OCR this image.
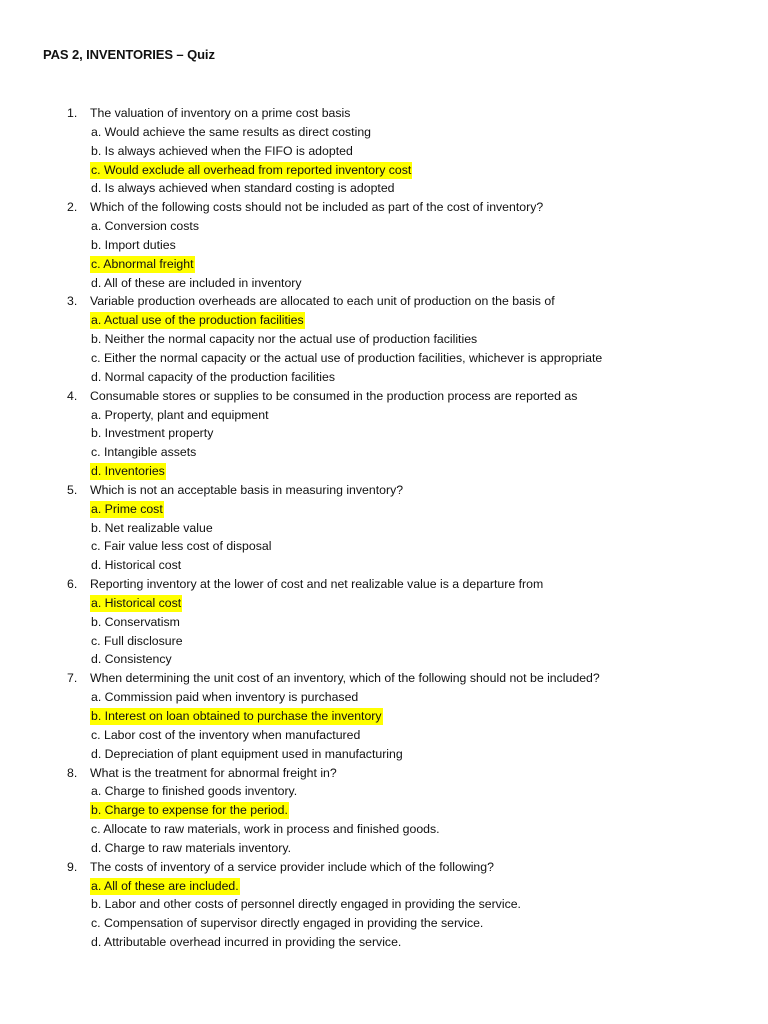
PAS 2, INVENTORIES – Quiz
1. The valuation of inventory on a prime cost basis
a. Would achieve the same results as direct costing
b. Is always achieved when the FIFO is adopted
c. Would exclude all overhead from reported inventory cost
d. Is always achieved when standard costing is adopted
2. Which of the following costs should not be included as part of the cost of inventory?
a. Conversion costs
b. Import duties
c. Abnormal freight
d. All of these are included in inventory
3. Variable production overheads are allocated to each unit of production on the basis of
a. Actual use of the production facilities
b. Neither the normal capacity nor the actual use of production facilities
c. Either the normal capacity or the actual use of production facilities, whichever is appropriate
d. Normal capacity of the production facilities
4. Consumable stores or supplies to be consumed in the production process are reported as
a. Property, plant and equipment
b. Investment property
c. Intangible assets
d. Inventories
5. Which is not an acceptable basis in measuring inventory?
a. Prime cost
b. Net realizable value
c. Fair value less cost of disposal
d. Historical cost
6. Reporting inventory at the lower of cost and net realizable value is a departure from
a. Historical cost
b. Conservatism
c. Full disclosure
d. Consistency
7. When determining the unit cost of an inventory, which of the following should not be included?
a. Commission paid when inventory is purchased
b. Interest on loan obtained to purchase the inventory
c. Labor cost of the inventory when manufactured
d. Depreciation of plant equipment used in manufacturing
8. What is the treatment for abnormal freight in?
a. Charge to finished goods inventory.
b. Charge to expense for the period.
c. Allocate to raw materials, work in process and finished goods.
d. Charge to raw materials inventory.
9. The costs of inventory of a service provider include which of the following?
a. All of these are included.
b. Labor and other costs of personnel directly engaged in providing the service.
c. Compensation of supervisor directly engaged in providing the service.
d. Attributable overhead incurred in providing the service.
